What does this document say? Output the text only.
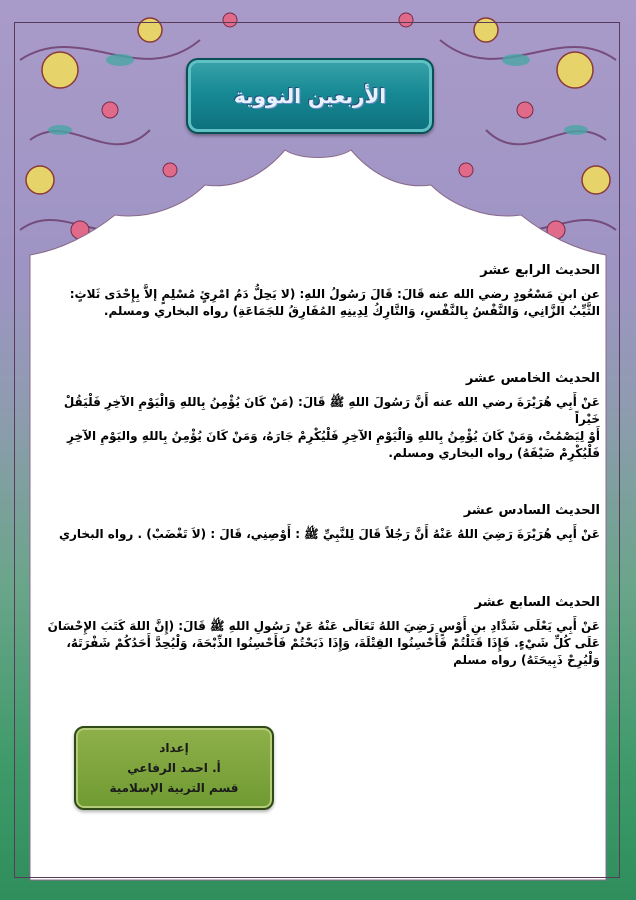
الأربعين النووية

الحديث الرابع عشر

عن ابنِ مَسْعُودٍ رضي الله عنه قَالَ: قَالَ رَسُولُ اللهِ: (لا يَحِلُّ دَمُ امْرِئٍ مُسْلِمٍ إلاَّ بِإِحْدَى ثَلاثٍ:

الثَّيِّبُ الزَّانِي، وَالنَّفْسُ بِالنَّفْسِ، وَالتَّارِكُ لِدِينِهِ المُفَارِقُ للجَمَاعَةِ) رواه البخاري ومسلم.

الحديث الخامس عشر

عَنْ أَبِي هُرَيْرَةَ رضي الله عنه أَنَّ رَسُولَ اللهِ ﷺ قَالَ: (مَنْ كَانَ يُؤْمِنُ بِاللهِ وَالْيَوْمِ الآخِرِ فَلْيَقُلْ خَيْراً

أَوْ لِيَصْمُتْ، وَمَنْ كَانَ يُؤْمِنُ بِاللهِ وَالْيَوْمِ الآخِرِ فَلْيُكْرِمْ جَارَهُ، وَمَنْ كَانَ يُؤْمِنُ بِاللهِ واليَوْمِ الآخِرِ

فَلْيُكْرِمْ ضَيْفَهُ) رواه البخاري ومسلم.

الحديث السادس عشر

عَنْ أَبِي هُرَيْرَةَ رَضِيَ اللهُ عَنْهُ أَنَّ رَجُلاً قَالَ لِلنَّبِيِّ ﷺ : أَوْصِنِي، قَالَ : (لاَ تَغْضَبْ) . رواه البخاري

الحديث السابع عشر

عَنْ أَبِي يَعْلَى شَدَّادِ بنِ أَوْسٍ رَضِيَ اللهُ تَعَالَى عَنْهُ عَنْ رَسُولِ اللهِ ﷺ قَالَ: (إِنَّ اللهَ كَتَبَ الإِحْسَانَ

عَلَى كُلِّ شَيْءٍ. فَإِذَا قَتَلْتُمْ فَأَحْسِنُوا القِتْلَةَ، وَإِذَا ذَبَحْتُمْ فَأَحْسِنُوا الذِّبْحَةَ، وَلْيُحِدَّ أَحَدُكُمْ شَفْرَتَهُ،

وَلْيُرِحْ ذَبِيحَتَهُ) رواه مسلم

إعداد
أ. احمد الرفاعي
قسم التربية الإسلامية
